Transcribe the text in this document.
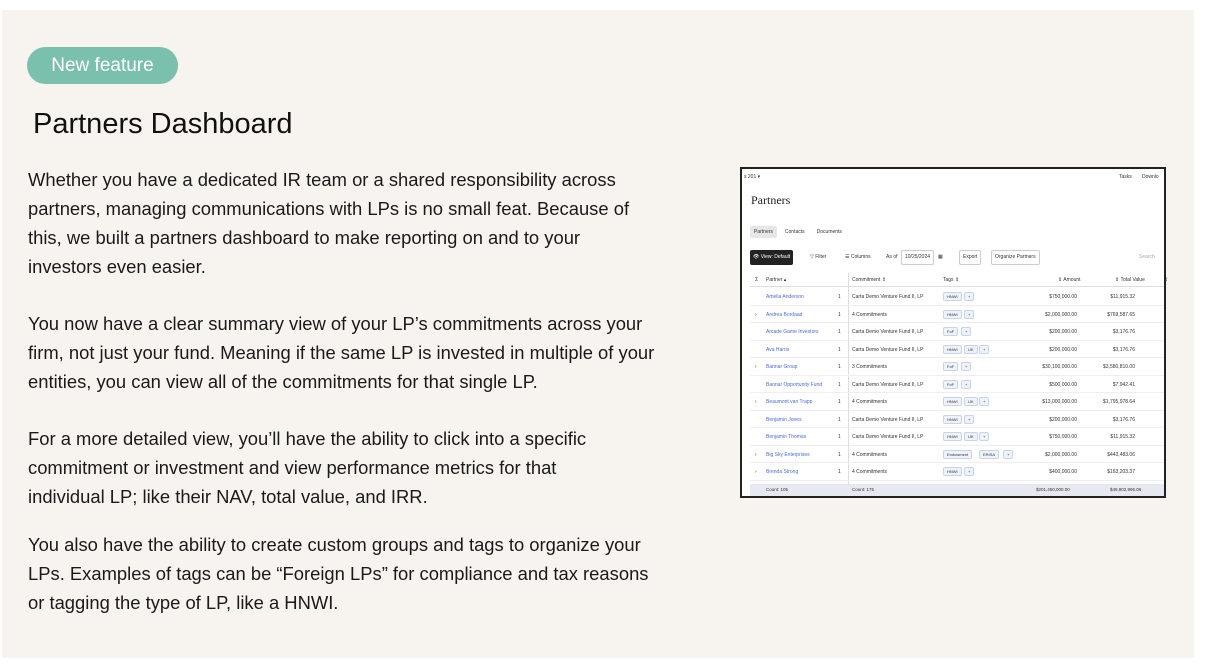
New feature
Partners Dashboard
Whether you have a dedicated IR team or a shared responsibility across
partners, managing communications with LPs is no small feat. Because of
this, we built a partners dashboard to make reporting on and to your
investors even easier.
You now have a clear summary view of your LP’s commitments across your
firm, not just your fund. Meaning if the same LP is invested in multiple of your
entities, you can view all of the commitments for that single LP.
For a more detailed view, you’ll have the ability to click into a specific
commitment or investment and view performance metrics for that
individual LP; like their NAV, total value, and IRR.
You also have the ability to create custom groups and tags to organize your
LPs. Examples of tags can be “Foreign LPs” for compliance and tax reasons
or tagging the type of LP, like a HNWI.
s 201 ▾	Tasks Downlo
Partners
Partners	Contacts	Documents
👁 View: Default	▽ Filter	☰ Columns	As of	10/25/2024	▦	Export	Organize Partners	Search
Σ Partner ▴	Commitment ⇕	Tags ⇕	⇕ Amount	⇕ Total Value	⇕
Amelia Anderson	1 Carta Demo Venture Fund II, LP	HNWI	+	$750,000.00	$11,915.32
› Andrea Bordaad	1 4 Commitments	HNWI	+	$2,000,000.00	$769,587.65
Arcade Game Investors	1 Carta Demo Venture Fund II, LP	FoF	+	$200,000.00	$3,176.76
Ava Harris	1 Carta Demo Venture Fund II, LP	HNWI	UK	+	$200,000.00	$3,176.76
› Bannar Group	1 3 Commitments	FoF	+	$30,100,000.00	$3,580,810.00
Bannar Opportunity Fund	1 Carta Demo Venture Fund II, LP	FoF	+	$500,000.00	$7,942.41
› Beaumont van Trapp	1 4 Commitments	HNWI	UK	+	$13,000,000.00	$1,795,978.64
Benjamin Jones	1 Carta Demo Venture Fund II, LP	HNWI	+	$200,000.00	$3,176.76
Benjamin Thomas	1 Carta Demo Venture Fund II, LP	HNWI	UK	+	$750,000.00	$11,915.32
› Big Sky Enterprises	1 4 Commitments	Endowment	ERISA	+	$2,000,000.00	$443,483.06
› Brenda Strong	1 4 Commitments	HNWI	+	$400,000.00	$163,203.37
Count: 105	Count: 175	$201,450,000.00	$49,802,996.06
